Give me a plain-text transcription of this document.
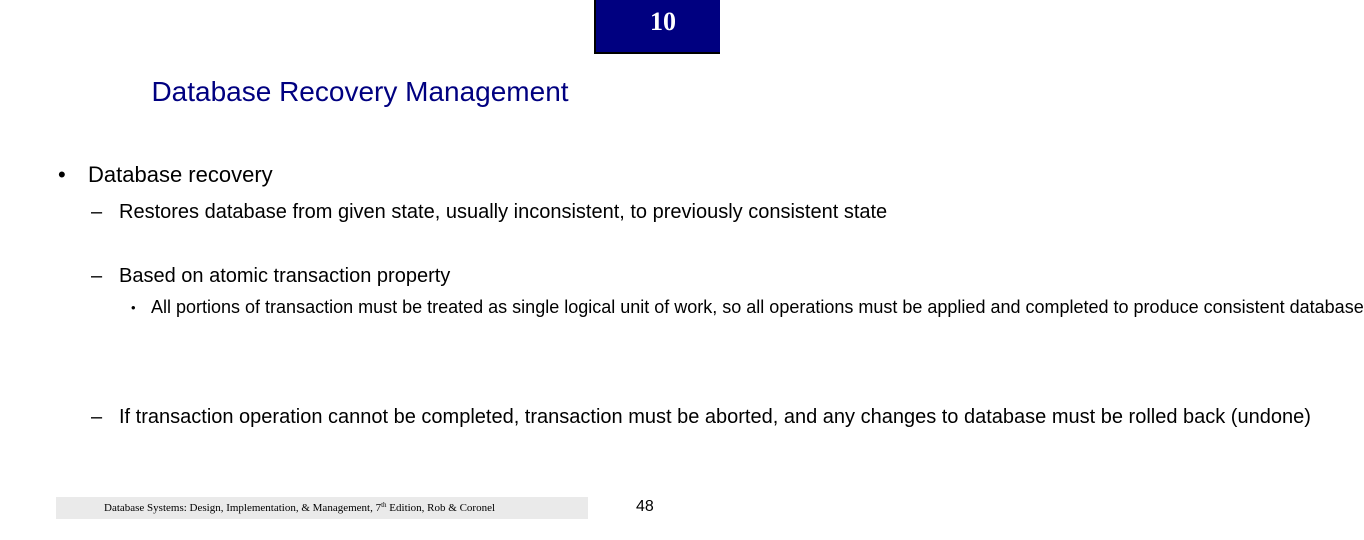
10
Database Recovery Management
•	Database recovery
– Restores database from given state, usually inconsistent, to previously consistent state
– Based on atomic transaction property
• All portions of transaction must be treated as single logical unit of work, so all operations must be applied and completed to produce consistent database
– If transaction operation cannot be completed, transaction must be aborted, and any changes to database must be rolled back (undone)
Database Systems: Design, Implementation, & Management, 7th Edition, Rob & Coronel	48
